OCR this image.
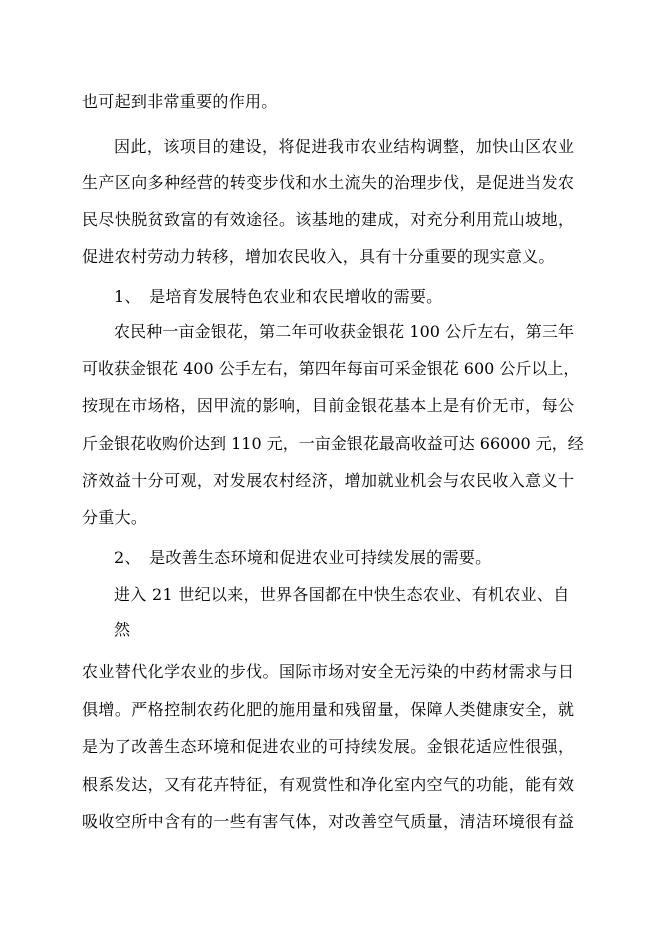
也可起到非常重要的作用。
因此，该项目的建设，将促进我市农业结构调整，加快山区农业
生产区向多种经营的转变步伐和水土流失的治理步伐，是促进当发农
民尽快脱贫致富的有效途径。该基地的建成，对充分利用荒山坡地，
促进农村劳动力转移，增加农民收入，具有十分重要的现实意义。
1、　是培育发展特色农业和农民增收的需要。
农民种一亩金银花，第二年可收获金银花 100 公斤左右，第三年
可收获金银花 400 公手左右，第四年每亩可采金银花 600 公斤以上，
按现在市场格，因甲流的影响，目前金银花基本上是有价无市，每公
斤金银花收购价达到 110 元，一亩金银花最高收益可达 66000 元，经
济效益十分可观，对发展农村经济，增加就业机会与农民收入意义十
分重大。
2、　是改善生态环境和促进农业可持续发展的需要。
进入 21 世纪以来，世界各国都在中快生态农业、有机农业、自
然
农业替代化学农业的步伐。国际市场对安全无污染的中药材需求与日
俱增。严格控制农药化肥的施用量和残留量，保障人类健康安全，就
是为了改善生态环境和促进农业的可持续发展。金银花适应性很强，
根系发达，又有花卉特征，有观赏性和净化室内空气的功能，能有效
吸收空所中含有的一些有害气体，对改善空气质量，清洁环境很有益
